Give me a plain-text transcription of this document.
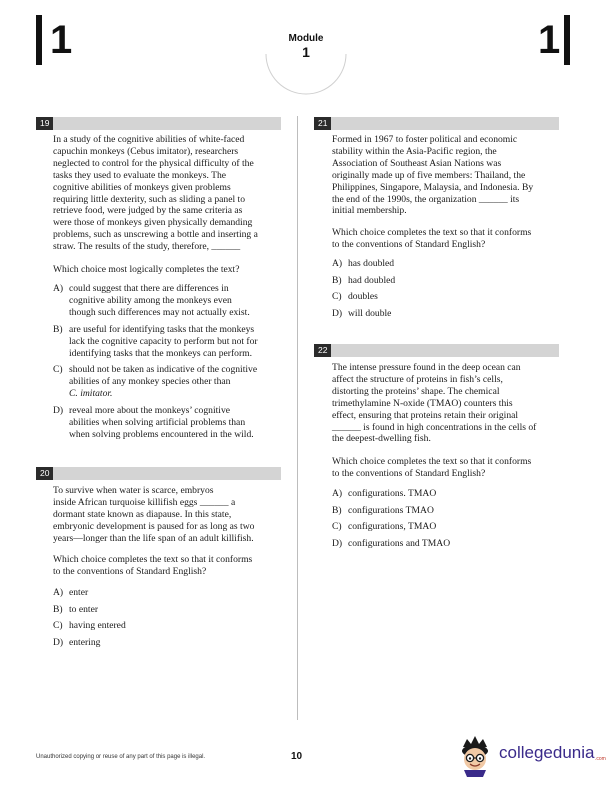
1	1
Module
1
19
In a study of the cognitive abilities of white-faced
capuchin monkeys (Cebus imitator), researchers
neglected to control for the physical difficulty of the
tasks they used to evaluate the monkeys. The
cognitive abilities of monkeys given problems
requiring little dexterity, such as sliding a panel to
retrieve food, were judged by the same criteria as
were those of monkeys given physically demanding
problems, such as unscrewing a bottle and inserting a
straw. The results of the study, therefore, ______
Which choice most logically completes the text?
A) could suggest that there are differences in
cognitive ability among the monkeys even
though such differences may not actually exist.
B) are useful for identifying tasks that the monkeys
lack the cognitive capacity to perform but not for
identifying tasks that the monkeys can perform.
C) should not be taken as indicative of the cognitive
abilities of any monkey species other than
C. imitator.
D) reveal more about the monkeys’ cognitive
abilities when solving artificial problems than
when solving problems encountered in the wild.
20
To survive when water is scarce, embryos
inside African turquoise killifish eggs ______ a
dormant state known as diapause. In this state,
embryonic development is paused for as long as two
years—longer than the life span of an adult killifish.
Which choice completes the text so that it conforms
to the conventions of Standard English?
A) enter
B) to enter
C) having entered
D) entering
21
Formed in 1967 to foster political and economic
stability within the Asia-Pacific region, the
Association of Southeast Asian Nations was
originally made up of five members: Thailand, the
Philippines, Singapore, Malaysia, and Indonesia. By
the end of the 1990s, the organization ______ its
initial membership.
Which choice completes the text so that it conforms
to the conventions of Standard English?
A) has doubled
B) had doubled
C) doubles
D) will double
22
The intense pressure found in the deep ocean can
affect the structure of proteins in fish’s cells,
distorting the proteins’ shape. The chemical
trimethylamine N-oxide (TMAO) counters this
effect, ensuring that proteins retain their original
______ is found in high concentrations in the cells of
the deepest-dwelling fish.
Which choice completes the text so that it conforms
to the conventions of Standard English?
A) configurations. TMAO
B) configurations TMAO
C) configurations, TMAO
D) configurations and TMAO
Unauthorized copying or reuse of any part of this page is illegal.	10	collegedunia .com
